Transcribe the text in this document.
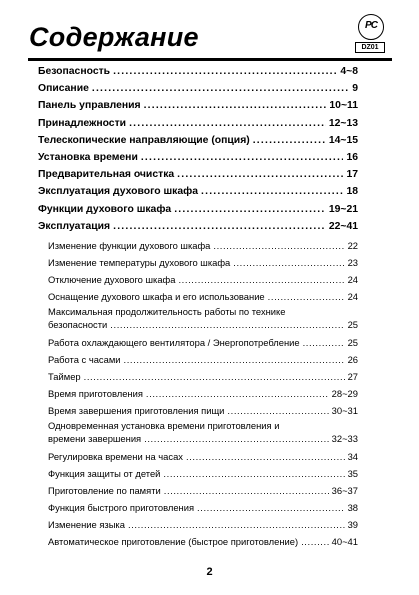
Содержание	РС
DZ01
Безопасность .....	4~8
Описание .....	9
Панель управления .....	10~11
Принадлежности .....	12~13
Телескопические направляющие (опция) .....	14~15
Установка времени .....	16
Предварительная очистка .....	17
Эксплуатация духового шкафа .....	18
Функции духового шкафа .....	19~21
Эксплуатация .....	22~41
Изменение функции духового шкафа .....	22
Изменение температуры духового шкафа .....	23
Отключение духового шкафа .....	24
Оснащение духового шкафа и его использование .....	24
Максимальная продолжительность работы по технике
безопасности .....	25
Работа охлаждающего вентилятора / Энергопотребление .....	25
Работа с часами .....	26
Таймер .....	27
Время приготовления .....	28~29
Время завершения приготовления пищи .....	30~31
Одновременная установка времени приготовления и
времени завершения .....	32~33
Регулировка времени на часах .....	34
Функция защиты от детей .....	35
Приготовление по памяти .....	36~37
Функция быстрого приготовления .....	38
Изменение языка .....	39
Автоматическое приготовление (быстрое приготовление) .....	40~41
2
